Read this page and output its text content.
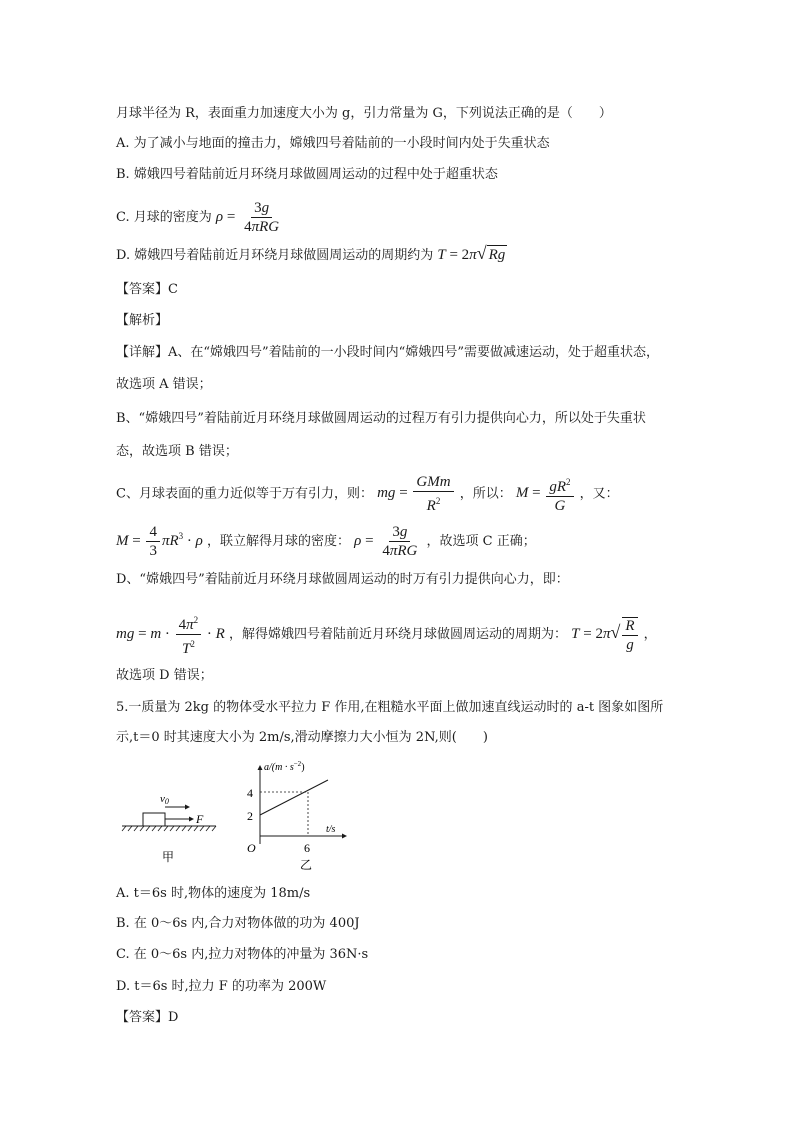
月球半径为 R，表面重力加速度大小为 g，引力常量为 G，下列说法正确的是（　　）
A. 为了减小与地面的撞击力，嫦娥四号着陆前的一小段时间内处于失重状态
B. 嫦娥四号着陆前近月环绕月球做圆周运动的过程中处于超重状态
C. 月球的密度为 $\rho = \frac{3g}{\text{4πRG}}$
D. 嫦娥四号着陆前近月环绕月球做圆周运动的周期约为 T = 2π√ Rg
【答案】C
【解析】
【详解】A、在“嫦娥四号”着陆前的一小段时间内“嫦娥四号”需要做减速运动，处于超重状态，
故选项 A 错误；
B、“嫦娥四号”着陆前近月环绕月球做圆周运动的过程万有引力提供向心力，所以处于失重状
态，故选项 B 错误；
C、月球表面的重力近似等于万有引力，则： mg = $\frac{\text{GMm}}{R^2}$ ，所以： $M = \frac{gR^2}{G}$ ，又：
$M = \frac{4}{3} \pi R^3 \cdot \rho$ ，联立解得月球的密度： $\rho = \frac{3g}{\text{4πRG}}$ ，故选项 C 正确；
D、“嫦娥四号”着陆前近月环绕月球做圆周运动的时万有引力提供向心力，即：
mg = $m \cdot \frac{4\pi^2}{T^2} \cdot R$ ，解得嫦娥四号着陆前近月环绕月球做圆周运动的周期为： $T = 2\pi√ \frac{R}{g}$ ，
故选项 D 错误；
5.一质量为 2kg 的物体受水平拉力 F 作用,在粗糙水平面上做加速直线运动时的 a-t 图象如图所
示,t＝0 时其速度大小为 2m/s,滑动摩擦力大小恒为 2N,则(　　)
v0
F
甲
$a/(m \cdot s^{-2})$
t/s
O
4
2
6
乙
A. t＝6s 时,物体的速度为 18m/s
B. 在 0～6s 内,合力对物体做的功为 400J
C. 在 0～6s 内,拉力对物体的冲量为 36N·s
D. t＝6s 时,拉力 F 的功率为 200W
【答案】D
